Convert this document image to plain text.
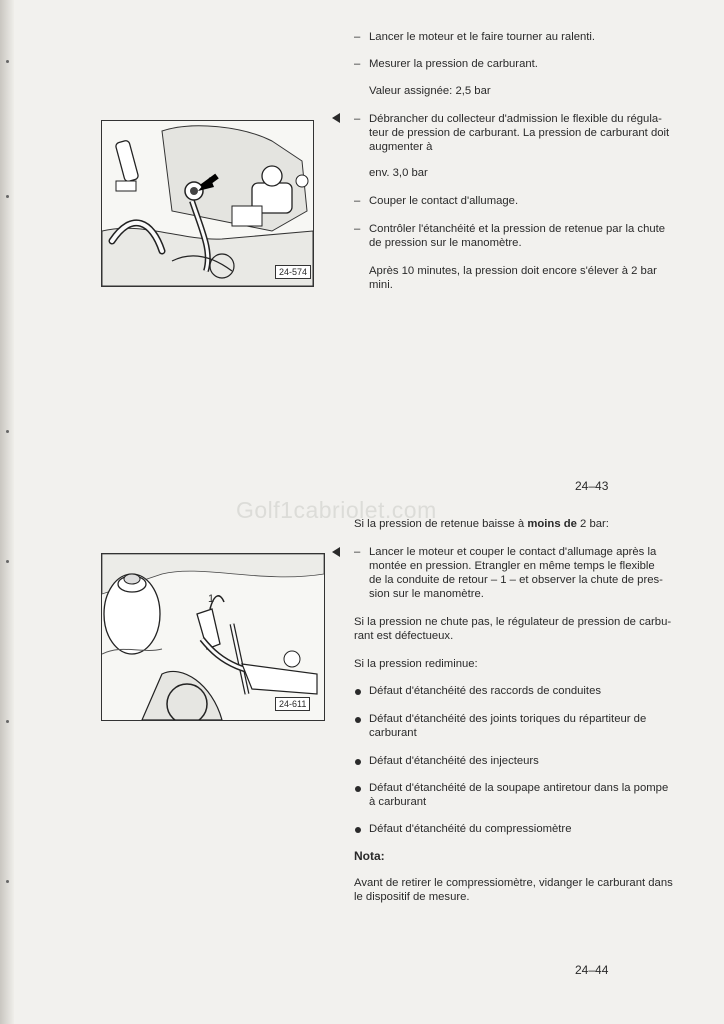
Golf1cabriolet.com
24-574
– Lancer le moteur et le faire tourner au ralenti.
– Mesurer la pression de carburant.
Valeur assignée: 2,5 bar
– Débrancher du collecteur d'admission le flexible du régula-
teur de pression de carburant. La pression de carburant doit
augmenter à
env. 3,0 bar
– Couper le contact d'allumage.
– Contrôler l'étanchéité et la pression de retenue par la chute
de pression sur le manomètre.
Après 10 minutes, la pression doit encore s'élever à 2 bar
mini.
24–43
Si la pression de retenue baisse à moins de 2 bar:
1
24-611
– Lancer le moteur et couper le contact d'allumage après la
montée en pression. Etrangler en même temps le flexible
de la conduite de retour – 1 – et observer la chute de pres-
sion sur le manomètre.
Si la pression ne chute pas, le régulateur de pression de carbu-
rant est défectueux.
Si la pression rediminue:
Défaut d'étanchéité des raccords de conduites
Défaut d'étanchéité des joints toriques du répartiteur de
carburant
Défaut d'étanchéité des injecteurs
Défaut d'étanchéité de la soupape antiretour dans la pompe
à carburant
Défaut d'étanchéité du compressiomètre
Nota:
Avant de retirer le compressiomètre, vidanger le carburant dans
le dispositif de mesure.
24–44
